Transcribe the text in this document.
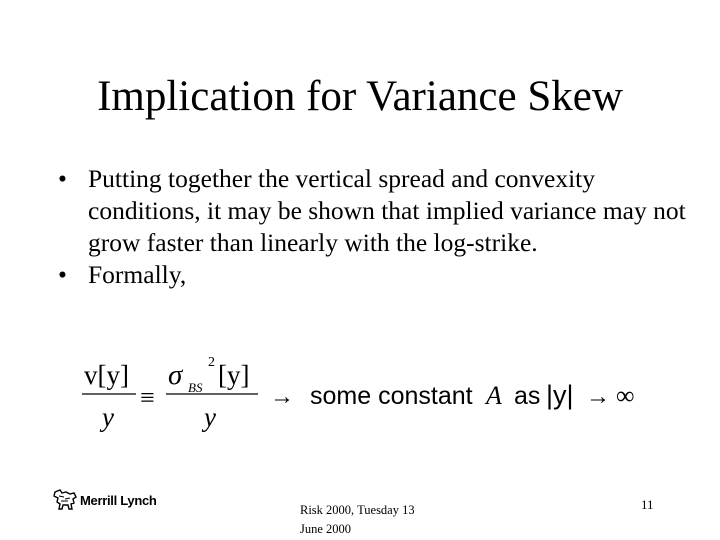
Implication for Variance Skew
• Putting together the vertical spread and convexity conditions, it may be shown that implied variance may not grow faster than linearly with the log-strike.
• Formally,
v[y]
y
≡
σ BS
2 [y]
y
→ some constant A as |y| → ∞
Merrill Lynch
Risk 2000, Tuesday 13
June 2000
11
